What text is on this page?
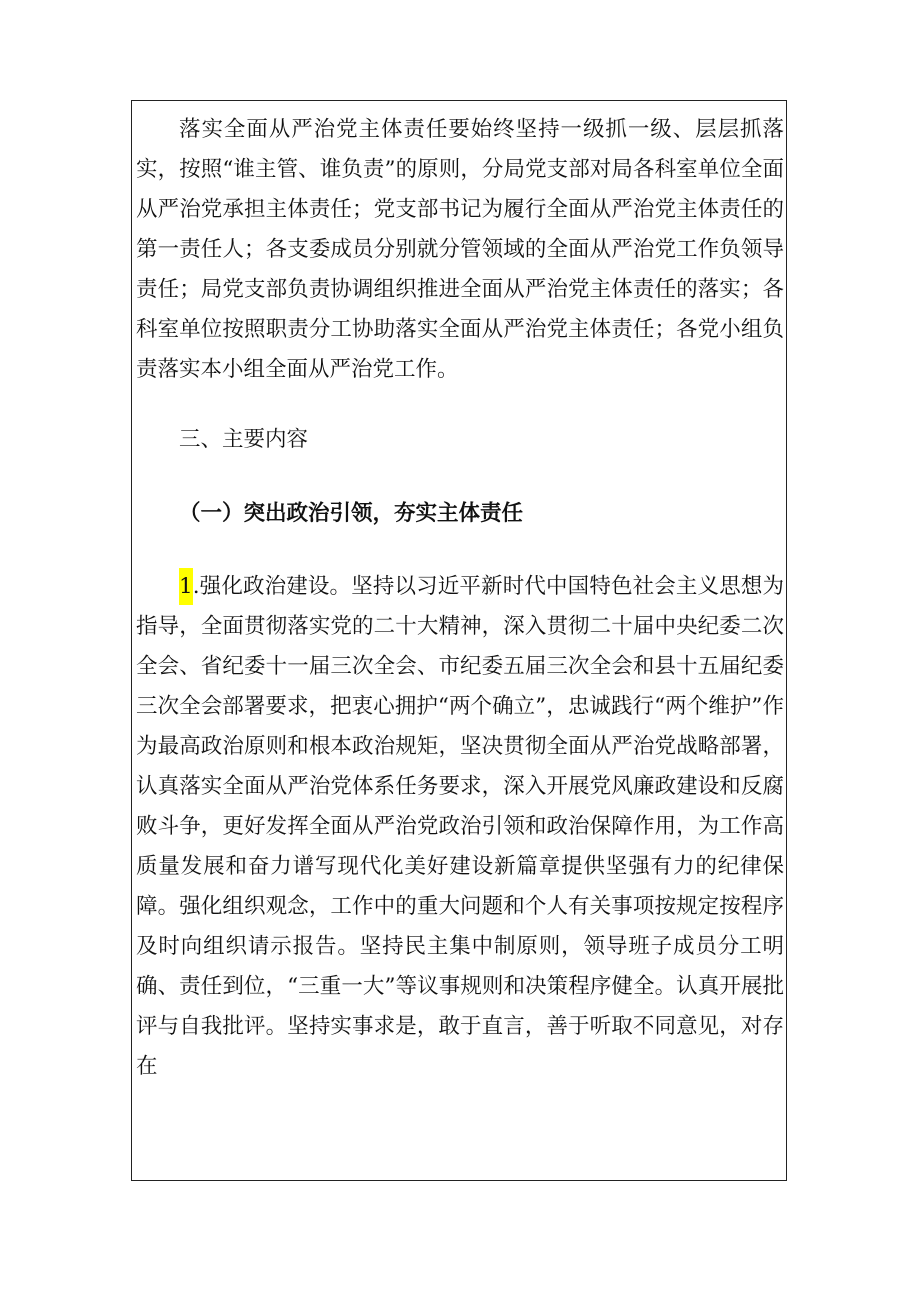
落实全面从严治党主体责任要始终坚持一级抓一级、层层抓落实，按照“谁主管、谁负责”的原则，分局党支部对局各科室单位全面从严治党承担主体责任；党支部书记为履行全面从严治党主体责任的第一责任人；各支委成员分别就分管领域的全面从严治党工作负领导责任；局党支部负责协调组织推进全面从严治党主体责任的落实；各科室单位按照职责分工协助落实全面从严治党主体责任；各党小组负责落实本小组全面从严治党工作。

三、主要内容

（一）突出政治引领，夯实主体责任

1.强化政治建设。坚持以习近平新时代中国特色社会主义思想为指导，全面贯彻落实党的二十大精神，深入贯彻二十届中央纪委二次全会、省纪委十一届三次全会、市纪委五届三次全会和县十五届纪委三次全会部署要求，把衷心拥护“两个确立”，忠诚践行“两个维护”作为最高政治原则和根本政治规矩，坚决贯彻全面从严治党战略部署，认真落实全面从严治党体系任务要求，深入开展党风廉政建设和反腐败斗争，更好发挥全面从严治党政治引领和政治保障作用，为工作高质量发展和奋力谱写现代化美好建设新篇章提供坚强有力的纪律保障。强化组织观念，工作中的重大问题和个人有关事项按规定按程序及时向组织请示报告。坚持民主集中制原则，领导班子成员分工明确、责任到位，“三重一大”等议事规则和决策程序健全。认真开展批评与自我批评。坚持实事求是，敢于直言，善于听取不同意见，对存在
